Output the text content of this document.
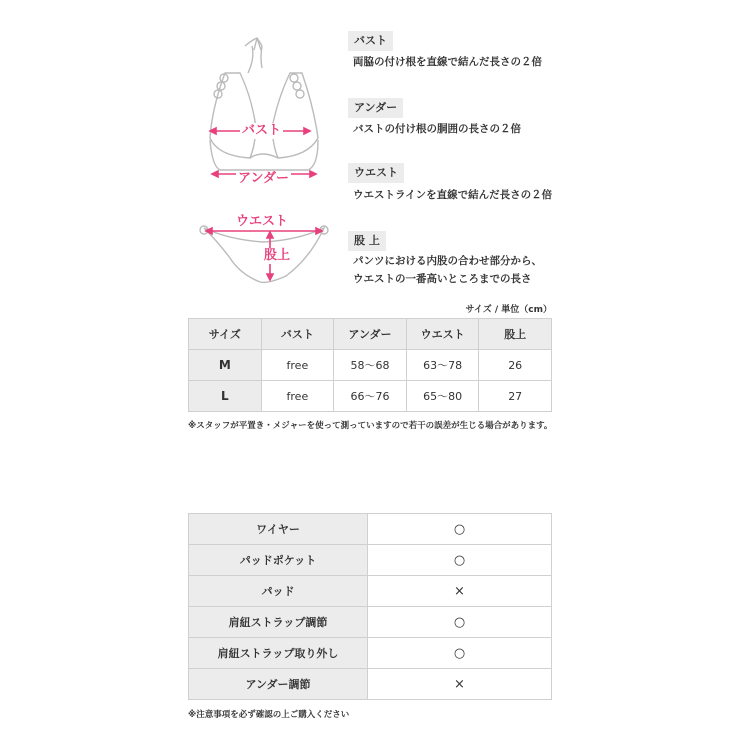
バスト
アンダー
ウエスト
股上
バスト
両脇の付け根を直線で結んだ長さの２倍
アンダー
バストの付け根の胴囲の長さの２倍
ウエスト
ウエストラインを直線で結んだ長さの２倍
股 上
パンツにおける内股の合わせ部分から、
ウエストの一番高いところまでの長さ
サイズ / 単位（cm）
サイズ	バスト	アンダー	ウエスト	股上
M	free	58〜68	63〜78	26
L	free	66〜76	65〜80	27
※スタッフが平置き・メジャーを使って測っていますので若干の誤差が生じる場合があります。
ワイヤー	○
パッドポケット	○
パッド	×
肩紐ストラップ調節	○
肩紐ストラップ取り外し	○
アンダー調節	×
※注意事項を必ず確認の上ご購入ください
